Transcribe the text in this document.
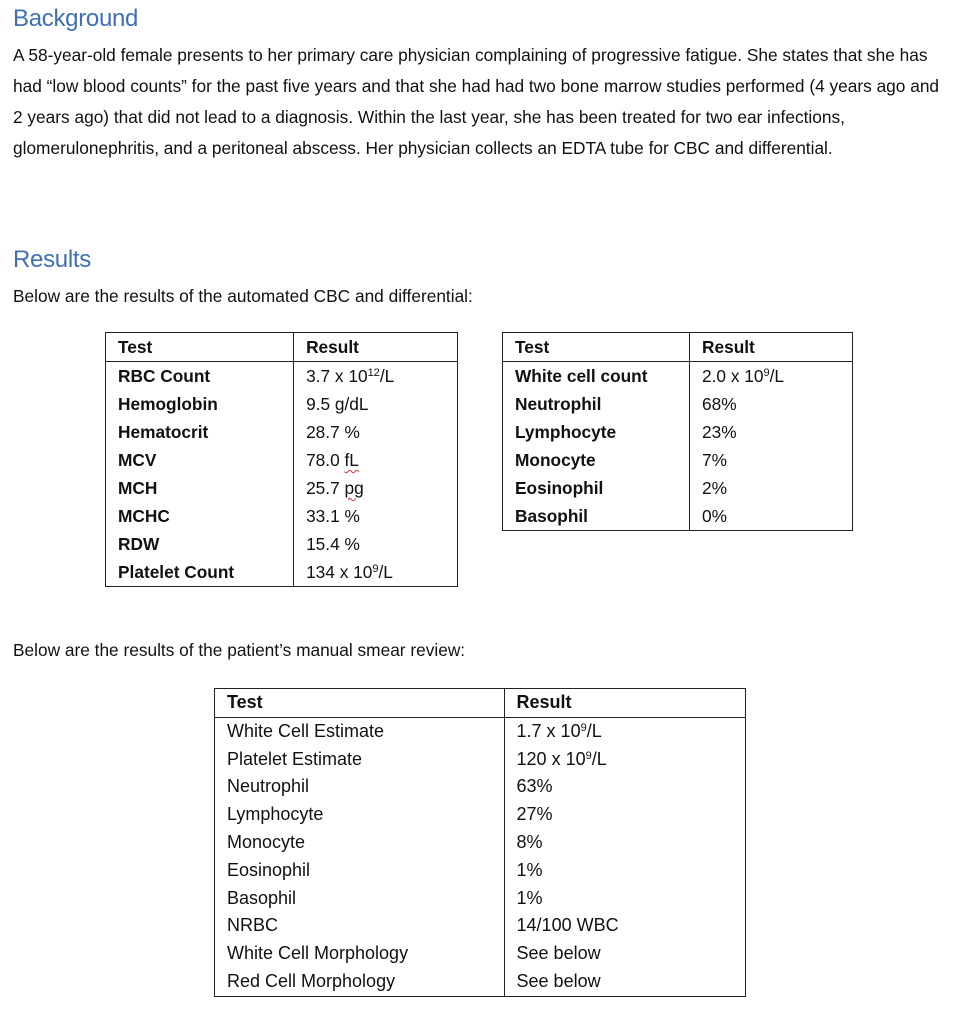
Background

A 58-year-old female presents to her primary care physician complaining of progressive fatigue. She states that she has had “low blood counts” for the past five years and that she had had two bone marrow studies performed (4 years ago and 2 years ago) that did not lead to a diagnosis. Within the last year, she has been treated for two ear infections, glomerulonephritis, and a peritoneal abscess. Her physician collects an EDTA tube for CBC and differential.

Results

Below are the results of the automated CBC and differential:

Test	Result
RBC Count	3.7 x $10^{12}/L$
Hemoglobin	9.5 g/dL
Hematocrit	28.7 %
MCV	78.0 fL
MCH	25.7 pg
MCHC	33.1 %
RDW	15.4 %
Platelet Count	134 x $10^9/L$
Test	Result
White cell count	2.0 x $10^9/L$
Neutrophil	68%
Lymphocyte	23%
Monocyte	7%
Eosinophil	2%
Basophil	0%

Below are the results of the patient’s manual smear review:

Test	Result
White Cell Estimate	1.7 x $10^9/L$
Platelet Estimate	120 x $10^9/L$
Neutrophil	63%
Lymphocyte	27%
Monocyte	8%
Eosinophil	1%
Basophil	1%
NRBC	14/100 WBC
White Cell Morphology	See below
Red Cell Morphology	See below
